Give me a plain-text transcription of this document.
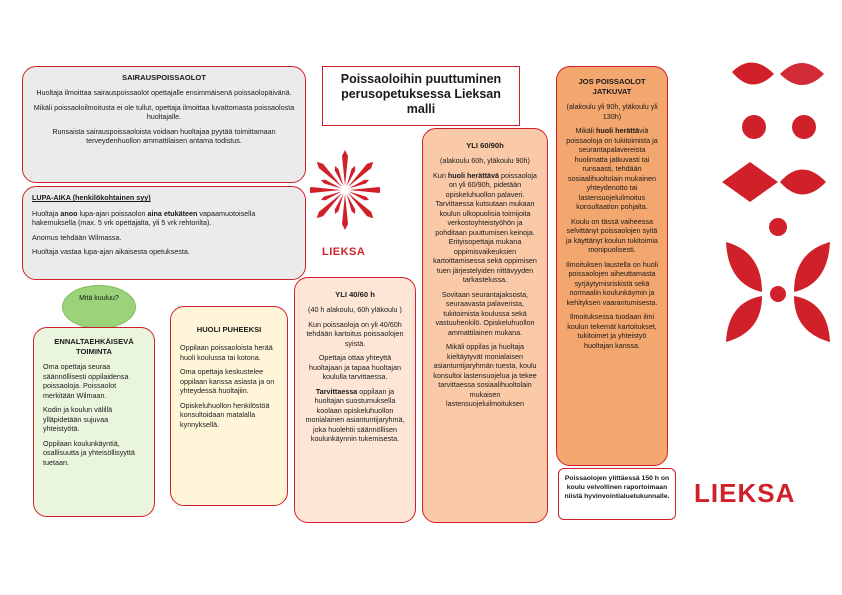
Poissaoloihin puuttuminen perusopetuksessa Lieksan malli
LIEKSA
SAIRAUSPOISSAOLOT

Huoltaja ilmoittaa sairauspoissaolot opettajalle ensimmäisenä poissaolopäivänä.

Mikäli poissaoloilmoitusta ei ole tullut, opettaja ilmoittaa luvattomasta poissaolosta huoltajalle.

Runsaista sairauspoissaoloista voidaan huoltajaa pyytää toimittamaan terveydenhuollon ammattilaisen antama todistus.

LUPA-AIKA (henkilökohtainen syy)

Huoltaja anoo lupa-ajan poissaolon aina etukäteen vapaamuotoisella hakemuksella (max. 5 vrk opettajalta, yli 5 vrk rehtorilta).

Anomus tehdään Wilmassa.

Huoltaja vastaa lupa-ajan aikaisesta opetuksesta.

Mitä kuuluu?
ENNALTAEHKÄISEVÄ TOIMINTA

Oma opettaja seuraa säännöllisesti oppilaidensa poissaoloja. Poissaolot merkitään Wilmaan.

Kodin ja koulun välillä ylläpidetään sujuvaa yhteistyötä.

Oppilaan koulunkäyntiä, osallisuutta ja yhteisöllisyyttä tuetaan.

HUOLI PUHEEKSI

Oppilaan poissaoloista herää huoli koulussa tai kotona.

Oma opettaja keskustelee oppilaan kanssa asiasta ja on yhteydessä huoltajiin.

Opiskeluhuollon henkilöstöä konsultoidaan matalalla kynnyksellä.

YLI 40/60 h

(40 h alakoulu, 60h yläkoulu )

Kun poissaoloja on yli 40/60h tehdään kartoitus poissaolojen syistä.

Opettaja ottaa yhteyttä huoltajaan ja tapaa huoltajan koululla tarvittaessa.

Tarvittaessa oppilaan ja huoltajan suostumuksella koolaan opiskeluhuollon monialainen asiantuntijaryhmä, joka huolehtii säännöllisen koulunkäynnin tukemisesta.

YLI 60/90h

(alakoulu 60h, yläkoulu 90h)

Kun huoli herättävä poissaoloja on yli 60/90h, pidetään opiskeluhuollon palaveri. Tarvittaessa kutsutaan mukaan koulun ulkopuolisia toimijoita verkostoyhteistyöhön ja pohditaan puuttumisen keinoja. Erityisopettaja mukana oppimisvaikeuksien kartoittamisessa sekä oppimisen tuen järjestelyiden riittävyyden tarkastelussa.

Sovitaan seurantajaksosta, seuraavasta palaverista, tukitoimista koulussa sekä vastuuhenkilö. Opiskeluhuollon ammattilainen mukana.

Mikäli oppilas ja huoltaja kieltäytyvät monialaisen asiantuntijaryhmän tuesta, koulu konsultoi lastensuojelua ja tekee tarvittaessa sosiaalihuoltolain mukaisen lastensuojeluilmoituksen

JOS POISSAOLOT JATKUVAT

(alakoulu yli 90h, yläkoulu yli 130h)

Mikäli huoli herättäviä poissaoloja on tukitoimista ja seurantapalavereista huolimatta jatkuvasti tai runsaasti, tehdään sosiaalihuoltolain mukainen yhteydenotto tai lastensuojeluilmoitus konsultaation pohjalta.

Koulu on tässä vaiheessa selvittänyt poissaolojen syitä ja käyttänyt koulun tukitoimia monipuolisesti.

Ilmoituksen laustella on huoli poissaolojen aiheuttamasta syrjäytymisriskistä sekä normaalin koulunkäymin ja kehityksen vaarantumisesta.

Ilmoituksessa tuodaan ilmi koulun tekemät kartoitukset, tukitoimet ja yhteistyö huoltajan kanssa.

Poissaolojen ylittäessä 150 h on koulu velvollinen raportoimaan niistä hyvinvointialuetukunnalle. LIEKSA
